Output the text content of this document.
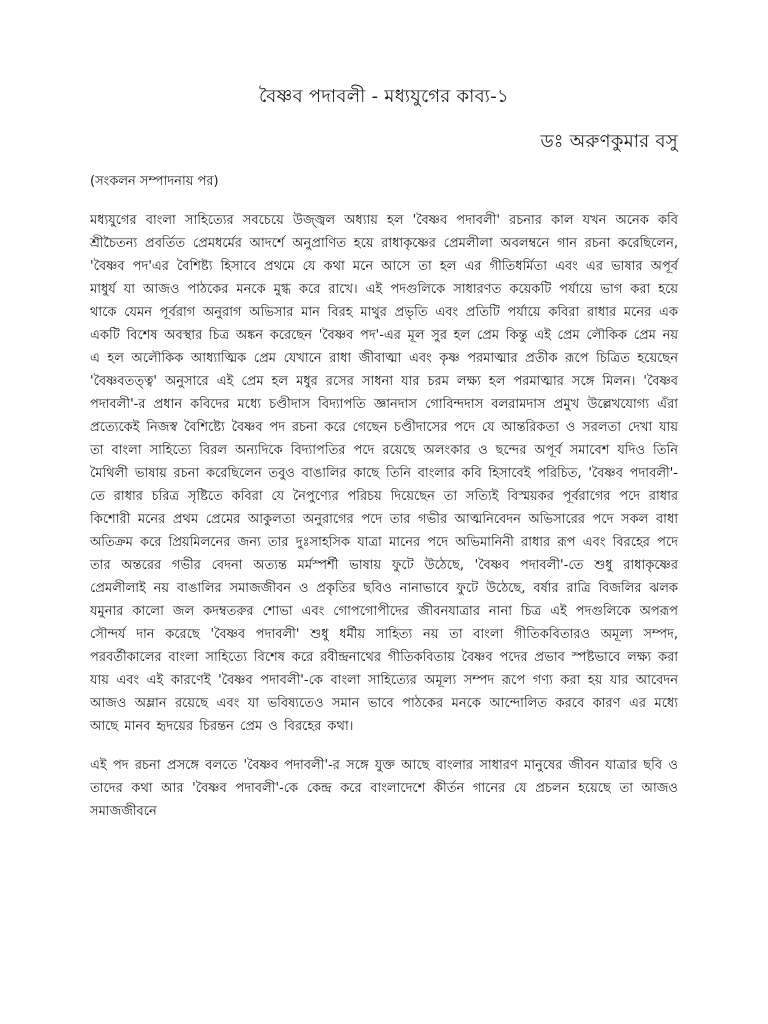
বৈষ্ণব পদাবলী - মধ্যযুগের কাব্য-১
ডঃ অরুণকুমার বসু

(সংকলন সম্পাদনায় পর)

মধ্যযুগের বাংলা সাহিত্যের সবচেয়ে উজ্জ্বল অধ্যায় হল 'বৈষ্ণব পদাবলী' রচনার কাল যখন অনেক কবি শ্রীচৈতন্য প্রবর্তিত প্রেমধর্মের আদর্শে অনুপ্রাণিত হয়ে রাধাকৃষ্ণের প্রেমলীলা অবলম্বনে গান রচনা করেছিলেন, 'বৈষ্ণব পদ'এর বৈশিষ্ট্য হিসাবে প্রথমে যে কথা মনে আসে তা হল এর গীতিধর্মিতা এবং এর ভাষার অপূর্ব মাধুর্য যা আজও পাঠকের মনকে মুগ্ধ করে রাখে। এই পদগুলিকে সাধারণত কয়েকটি পর্যায়ে ভাগ করা হয়ে থাকে যেমন পূর্বরাগ অনুরাগ অভিসার মান বিরহ মাথুর প্রভৃতি এবং প্রতিটি পর্যায়ে কবিরা রাধার মনের এক একটি বিশেষ অবস্থার চিত্র অঙ্কন করেছেন 'বৈষ্ণব পদ'-এর মূল সুর হল প্রেম কিন্তু এই প্রেম লৌকিক প্রেম নয় এ হল অলৌকিক আধ্যাত্মিক প্রেম যেখানে রাধা জীবাত্মা এবং কৃষ্ণ পরমাত্মার প্রতীক রূপে চিত্রিত হয়েছেন 'বৈষ্ণবতত্ত্ব' অনুসারে এই প্রেম হল মধুর রসের সাধনা যার চরম লক্ষ্য হল পরমাত্মার সঙ্গে মিলন। 'বৈষ্ণব পদাবলী'-র প্রধান কবিদের মধ্যে চণ্ডীদাস বিদ্যাপতি জ্ঞানদাস গোবিন্দদাস বলরামদাস প্রমুখ উল্লেখযোগ্য এঁরা প্রত্যেকেই নিজস্ব বৈশিষ্ট্যে বৈষ্ণব পদ রচনা করে গেছেন চণ্ডীদাসের পদে যে আন্তরিকতা ও সরলতা দেখা যায় তা বাংলা সাহিত্যে বিরল অন্যদিকে বিদ্যাপতির পদে রয়েছে অলংকার ও ছন্দের অপূর্ব সমাবেশ যদিও তিনি মৈথিলী ভাষায় রচনা করেছিলেন তবুও বাঙালির কাছে তিনি বাংলার কবি হিসাবেই পরিচিত, 'বৈষ্ণব পদাবলী'-তে রাধার চরিত্র সৃষ্টিতে কবিরা যে নৈপুণ্যের পরিচয় দিয়েছেন তা সত্যিই বিস্ময়কর পূর্বরাগের পদে রাধার কিশোরী মনের প্রথম প্রেমের আকুলতা অনুরাগের পদে তার গভীর আত্মনিবেদন অভিসারের পদে সকল বাধা অতিক্রম করে প্রিয়মিলনের জন্য তার দুঃসাহসিক যাত্রা মানের পদে অভিমানিনী রাধার রূপ এবং বিরহের পদে তার অন্তরের গভীর বেদনা অত্যন্ত মর্মস্পর্শী ভাষায় ফুটে উঠেছে, 'বৈষ্ণব পদাবলী'-তে শুধু রাধাকৃষ্ণের প্রেমলীলাই নয় বাঙালির সমাজজীবন ও প্রকৃতির ছবিও নানাভাবে ফুটে উঠেছে, বর্ষার রাত্রি বিজলির ঝলক যমুনার কালো জল কদম্বতরুর শোভা এবং গোপগোপীদের জীবনযাত্রার নানা চিত্র এই পদগুলিকে অপরূপ সৌন্দর্য দান করেছে 'বৈষ্ণব পদাবলী' শুধু ধর্মীয় সাহিত্য নয় তা বাংলা গীতিকবিতারও অমূল্য সম্পদ, পরবর্তীকালের বাংলা সাহিত্যে বিশেষ করে রবীন্দ্রনাথের গীতিকবিতায় বৈষ্ণব পদের প্রভাব স্পষ্টভাবে লক্ষ্য করা যায় এবং এই কারণেই 'বৈষ্ণব পদাবলী'-কে বাংলা সাহিত্যের অমূল্য সম্পদ রূপে গণ্য করা হয় যার আবেদন আজও অম্লান রয়েছে এবং যা ভবিষ্যতেও সমান ভাবে পাঠকের মনকে আন্দোলিত করবে কারণ এর মধ্যে আছে মানব হৃদয়ের চিরন্তন প্রেম ও বিরহের কথা।

এই পদ রচনা প্রসঙ্গে বলতে 'বৈষ্ণব পদাবলী'-র সঙ্গে যুক্ত আছে বাংলার সাধারণ মানুষের জীবন যাত্রার ছবি ও তাদের কথা আর 'বৈষ্ণব পদাবলী'-কে কেন্দ্র করে বাংলাদেশে কীর্তন গানের যে প্রচলন হয়েছে তা আজও সমাজজীবনে
